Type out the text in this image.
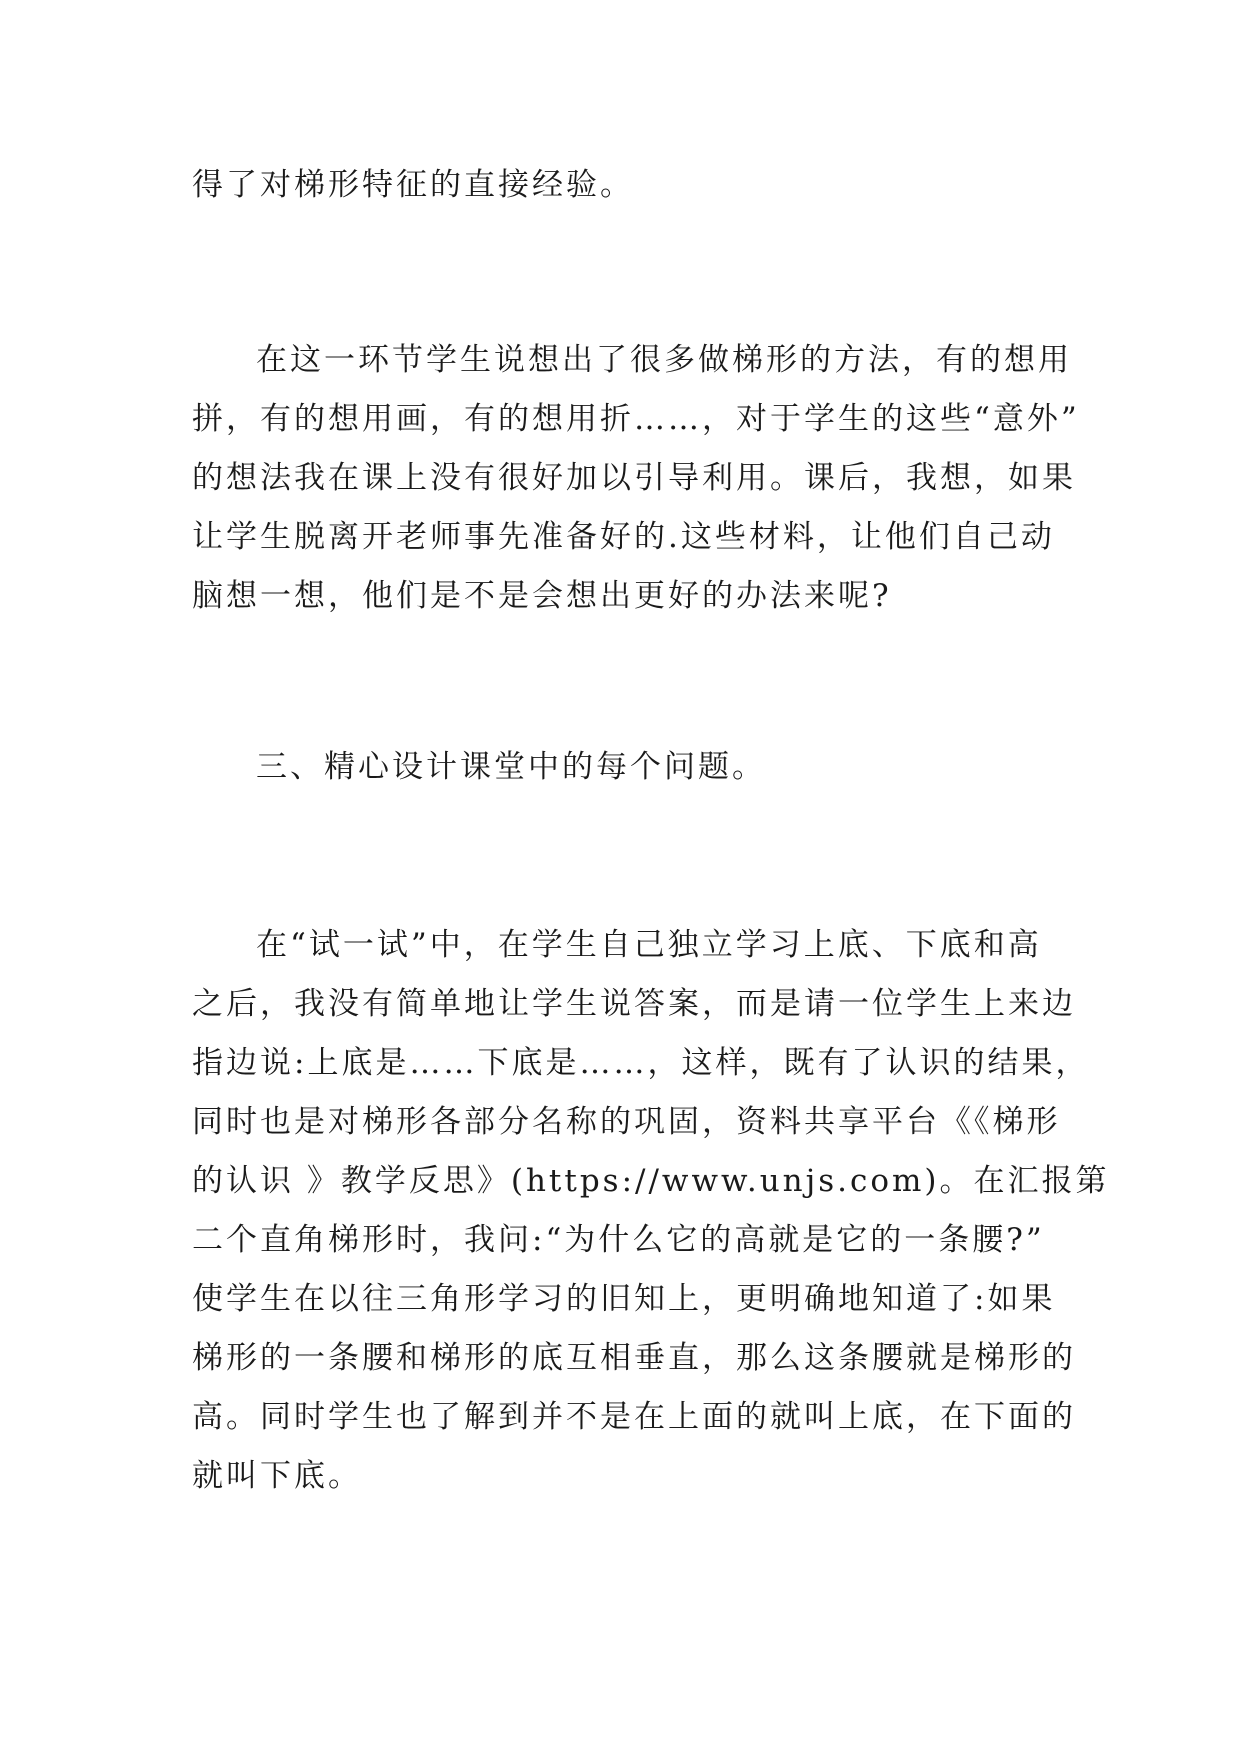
得了对梯形特征的直接经验。

在这一环节学生说想出了很多做梯形的方法，有的想用
拼，有的想用画，有的想用折……，对于学生的这些“意外”
的想法我在课上没有很好加以引导利用。课后，我想，如果
让学生脱离开老师事先准备好的.这些材料，让他们自己动
脑想一想，他们是不是会想出更好的办法来呢?

三、精心设计课堂中的每个问题。

在“试一试”中，在学生自己独立学习上底、下底和高
之后，我没有简单地让学生说答案，而是请一位学生上来边
指边说:上底是……下底是……，这样，既有了认识的结果，
同时也是对梯形各部分名称的巩固，资料共享平台《《梯形
的认识 》教学反思》(https://www.unjs.com)。在汇报第
二个直角梯形时，我问:“为什么它的高就是它的一条腰?”
使学生在以往三角形学习的旧知上，更明确地知道了:如果
梯形的一条腰和梯形的底互相垂直，那么这条腰就是梯形的
高。同时学生也了解到并不是在上面的就叫上底，在下面的
就叫下底。
